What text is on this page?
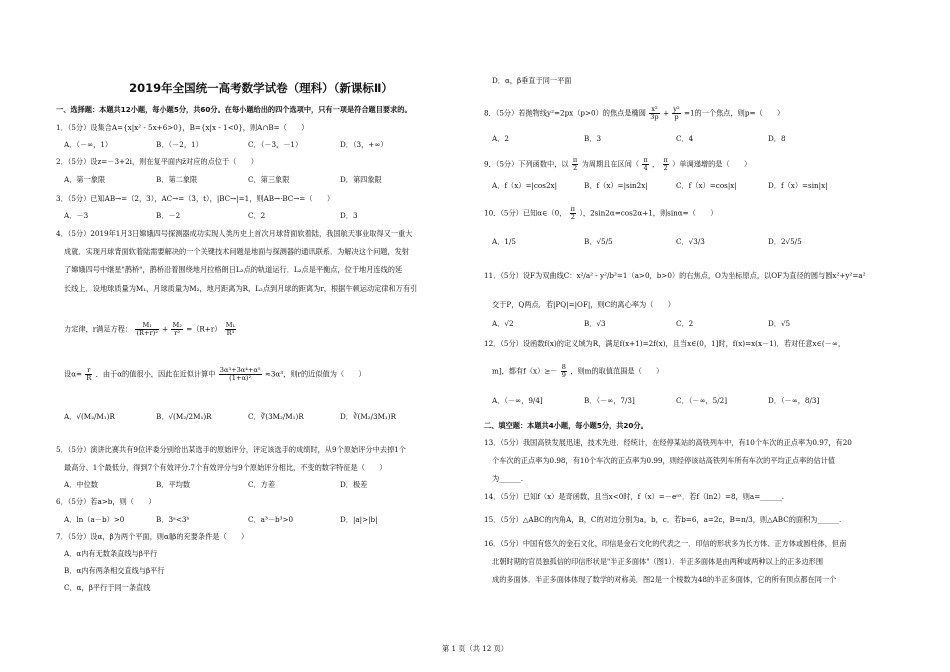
2019年全国统一高考数学试卷（理科）（新课标Ⅱ）
一、选择题：本题共12小题，每小题5分，共60分。在每小题给出的四个选项中，只有一项是符合题目要求的。
1．（5分）设集合A={x|x² - 5x+6>0}，B={x|x - 1<0}，则A∩B=（　　）
A．（－∞，1）	B．（－2，1）	C．（－3，－1）	D．（3，+∞）
2．（5分）设z=－3+2i，则在复平面内z̄对应的点位于（　　）
A．第一象限	B．第二象限	C．第三象限	D．第四象限
3．（5分）已知AB→=（2，3），AC→=（3，t），|BC→|=1，则AB→·BC→=（　　）
A．－3	B．－2	C．2	D．3
4．（5分）2019年1月3日嫦娥四号探测器成功实现人类历史上首次月球背面软着陆，我国航天事业取得又一重大
成就．实现月球背面软着陆需要解决的一个关键技术问题是地面与探测器的通讯联系．为解决这个问题，发射
了嫦娥四号中继星"鹊桥"，鹊桥沿着围绕地月拉格朗日L₂点的轨道运行．L₂点是平衡点，位于地月连线的延
长线上．设地球质量为M₁，月球质量为M₂，地月距离为R，L₂点到月球的距离为r，根据牛顿运动定律和万有引
力定律，r满足方程： $\frac{\text{M₁}}{\text{(R+r)²}} + \frac{\text{M₂}}{\text{r²}} =(R+r) \frac{\text{M₁}}{\text{R³}}$
设$\alpha= \frac{r}{R}$ ．由于α的值很小，因此在近似计算中 $\frac{\text{3α³+3α⁴+α⁵}}{\text{(1+α)²}} \approx 3\alpha^3$，则r的近似值为（　　）
A．√(M₂/M₁)R	B．√(M₂/2M₁)R	C．∛(3M₂/M₁)R	D．∛(M₂/3M₁)R
5．（5分）演讲比赛共有9位评委分别给出某选手的原始评分，评定该选手的成绩时，从9个原始评分中去掉1个
最高分、1个最低分，得到7个有效评分.7个有效评分与9个原始评分相比，不变的数字特征是（　　）
A．中位数	B．平均数	C．方差	D．极差
6．（5分）若a>b，则（　　）
A．ln（a－b）>0	B．3ᵃ<3ᵇ	C．a³－b³>0	D．|a|>|b|
7．（5分）设α，β为两个平面，则α∥β的充要条件是（　　）
A．α内有无数条直线与β平行
B．α内有两条相交直线与β平行
C．α，β平行于同一条直线
D．α，β垂直于同一平面
8．（5分）若抛物线y²=2px（p>0）的焦点是椭圆 $\frac{\text{x²}}{3p} + \frac{\text{y²}}{p} =1$的一个焦点，则p=（　　）
A．2	B．3	C．4	D．8
9．（5分）下列函数中，以 $\frac{\pi}{2}$ 为周期且在区间（ $\frac{\pi}{4}$ ， $\frac{\pi}{2}$ ）单调递增的是（　　）
A．f（x）=|cos2x|	B．f（x）=|sin2x|	C．f（x）=cos|x|	D．f（x）=sin|x|
10．（5分）已知α∈（0， $\frac{\pi}{2}$ ），2sin2α=cos2α+1，则sinα=（　　）
A．1/5	B．√5/5	C．√3/3	D．2√5/5
11．（5分）设F为双曲线C：x²/a² - y²/b²=1（a>0，b>0）的右焦点，O为坐标原点，以OF为直径的圆与圆x²+y²=a²
交于P，Q两点．若|PQ|=|OF|，则C的离心率为（　　）
A．√2	B．√3	C．2	D．√5
12．（5分）设函数f(x)的定义域为R，满足f(x+1)=2f(x)，且当x∈(0，1]时，f(x)=x(x－1)．若对任意x∈(－∞，
m]，都有$f(x)\ge- \frac{8}{9}$ ，则m的取值范围是（　　）
A．（－∞，9/4]	B．（－∞，7/3]	C．（－∞，5/2]	D．（－∞，8/3]
二、填空题：本题共4小题，每小题5分，共20分。
13．（5分）我国高铁发展迅速，技术先进．经统计，在经停某站的高铁列车中，有10个车次的正点率为0.97，有20
个车次的正点率为0.98，有10个车次的正点率为0.99，则经停该站高铁列车所有车次的平均正点率的估计值
为______.
14．（5分）已知f（x）是奇函数，且当x<0时，f（x）=－eᵃˣ．若f（ln2）=8，则a=______.
15．（5分）△ABC的内角A，B，C的对边分别为a，b，c．若b=6，a=2c，B=π/3，则△ABC的面积为______.
16．（5分）中国有悠久的金石文化，印信是金石文化的代表之一．印信的形状多为长方体、正方体或圆柱体，但南
北朝时期的官员独孤信的印信形状是"半正多面体"（图1）．半正多面体是由两种或两种以上的正多边形围
成的多面体．半正多面体体现了数学的对称美．图2是一个棱数为48的半正多面体，它的所有顶点都在同一个
第 1 页（共 12 页）
